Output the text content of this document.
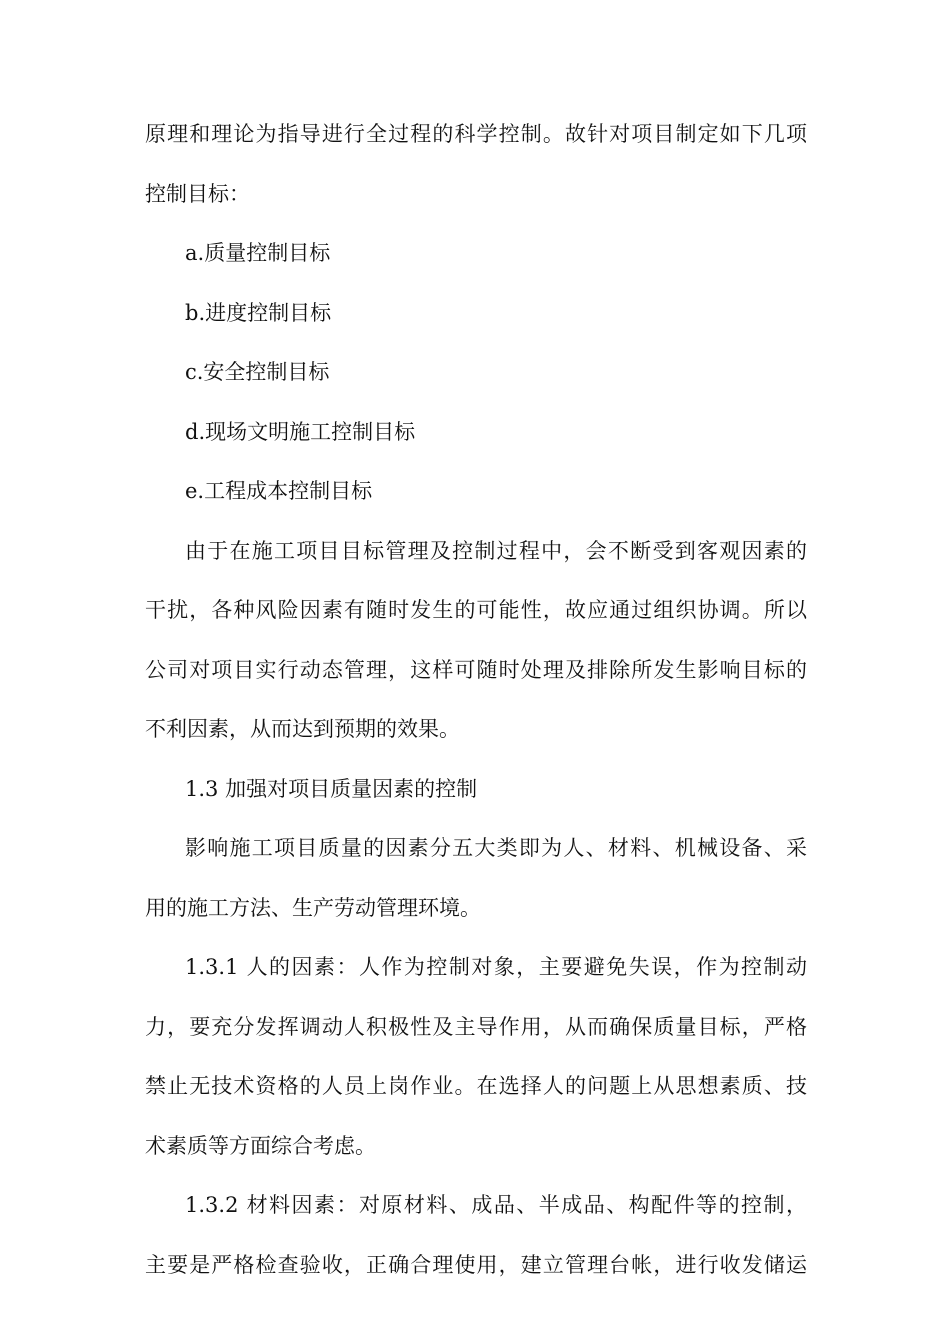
原理和理论为指导进行全过程的科学控制。故针对项目制定如下几项
控制目标：
a.质量控制目标
b.进度控制目标
c.安全控制目标
d.现场文明施工控制目标
e.工程成本控制目标
由于在施工项目目标管理及控制过程中，会不断受到客观因素的
干扰，各种风险因素有随时发生的可能性，故应通过组织协调。所以
公司对项目实行动态管理，这样可随时处理及排除所发生影响目标的
不利因素，从而达到预期的效果。
1.3 加强对项目质量因素的控制
影响施工项目质量的因素分五大类即为人、材料、机械设备、采
用的施工方法、生产劳动管理环境。
1.3.1 人的因素：人作为控制对象，主要避免失误，作为控制动
力，要充分发挥调动人积极性及主导作用，从而确保质量目标，严格
禁止无技术资格的人员上岗作业。在选择人的问题上从思想素质、技
术素质等方面综合考虑。
1.3.2 材料因素：对原材料、成品、半成品、构配件等的控制，
主要是严格检查验收，正确合理使用，建立管理台帐，进行收发储运
